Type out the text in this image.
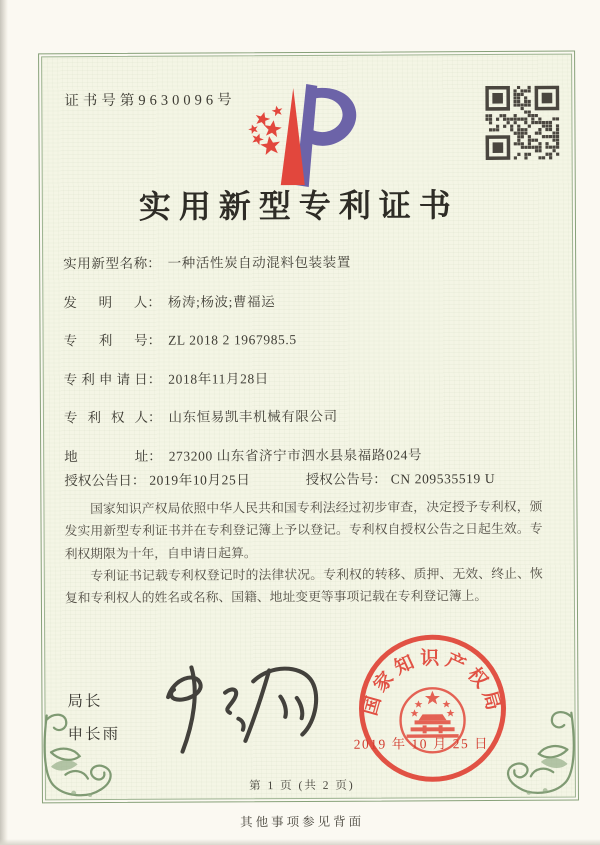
证书号第9630096号
实用新型专利证书
实用新型名称： 一种活性炭自动混料包装装置
发明人： 杨涛;杨波;曹福运
专利号： ZL 2018 2 1967985.5
专利申请日： 2018年11月28日
专利权人： 山东恒易凯丰机械有限公司
地址： 273200 山东省济宁市泗水县泉福路024号
授权公告日： 2019年10月25日	授权公告号： CN 209535519 U

国家知识产权局依照中华人民共和国专利法经过初步审查，决定授予专利权，颁发实用新型专利证书并在专利登记簿上予以登记。专利权自授权公告之日起生效。专利权期限为十年，自申请日起算。

专利证书记载专利权登记时的法律状况。专利权的转移、质押、无效、终止、恢复和专利权人的姓名或名称、国籍、地址变更等事项记载在专利登记簿上。

局长
申长雨
国家知识产权局
2019 年 10 月 25 日
第 1 页 (共 2 页)
其他事项参见背面
